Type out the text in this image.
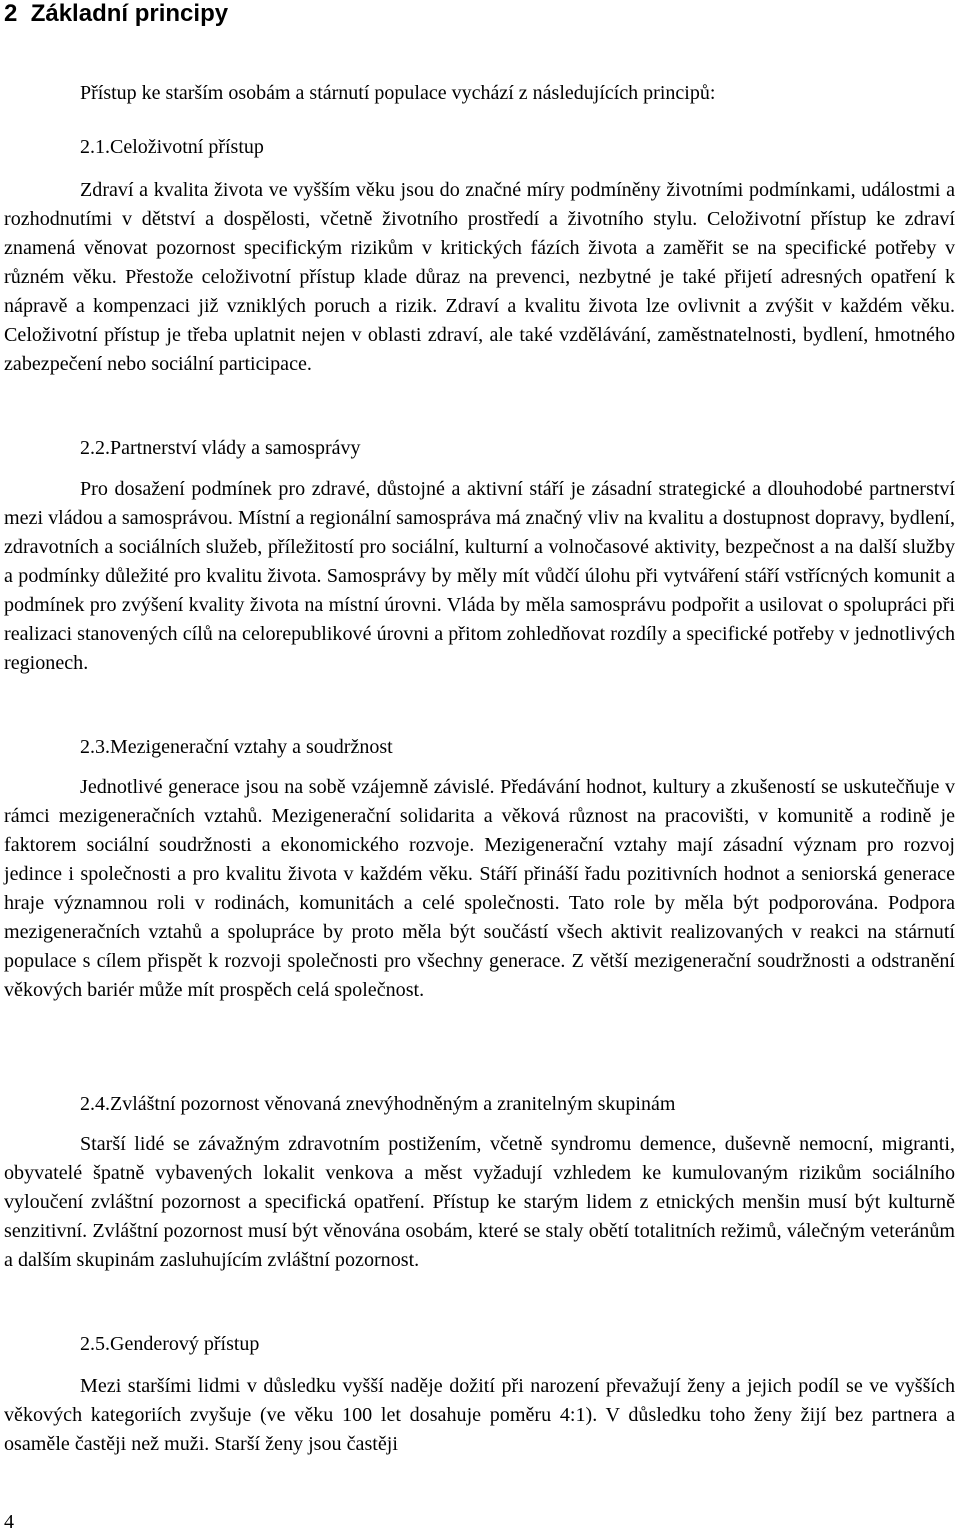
2 Základní principy

Přístup ke starším osobám a stárnutí populace vychází z následujících principů:

2.1.Celoživotní přístup

Zdraví a kvalita života ve vyšším věku jsou do značné míry podmíněny životními podmínkami, událostmi a rozhodnutími v dětství a dospělosti, včetně životního prostředí a životního stylu. Celoživotní přístup ke zdraví znamená věnovat pozornost specifickým rizikům v kritických fázích života a zaměřit se na specifické potřeby v různém věku. Přestože celoživotní přístup klade důraz na prevenci, nezbytné je také přijetí adresných opatření k nápravě a kompenzaci již vzniklých poruch a rizik. Zdraví a kvalitu života lze ovlivnit a zvýšit v každém věku. Celoživotní přístup je třeba uplatnit nejen v oblasti zdraví, ale také vzdělávání, zaměstnatelnosti, bydlení, hmotného zabezpečení nebo sociální participace.

2.2.Partnerství vlády a samosprávy

Pro dosažení podmínek pro zdravé, důstojné a aktivní stáří je zásadní strategické a dlouhodobé partnerství mezi vládou a samosprávou. Místní a regionální samospráva má značný vliv na kvalitu a dostupnost dopravy, bydlení, zdravotních a sociálních služeb, příležitostí pro sociální, kulturní a volnočasové aktivity, bezpečnost a na další služby a podmínky důležité pro kvalitu života. Samosprávy by měly mít vůdčí úlohu při vytváření stáří vstřícných komunit a podmínek pro zvýšení kvality života na místní úrovni. Vláda by měla samosprávu podpořit a usilovat o spolupráci při realizaci stanovených cílů na celorepublikové úrovni a přitom zohledňovat rozdíly a specifické potřeby v jednotlivých regionech.

2.3.Mezigenerační vztahy a soudržnost

Jednotlivé generace jsou na sobě vzájemně závislé. Předávání hodnot, kultury a zkušeností se uskutečňuje v rámci mezigeneračních vztahů. Mezigenerační solidarita a věková různost na pracovišti, v komunitě a rodině je faktorem sociální soudržnosti a ekonomického rozvoje. Mezigenerační vztahy mají zásadní význam pro rozvoj jedince i společnosti a pro kvalitu života v každém věku. Stáří přináší řadu pozitivních hodnot a seniorská generace hraje významnou roli v rodinách, komunitách a celé společnosti. Tato role by měla být podporována. Podpora mezigeneračních vztahů a spolupráce by proto měla být součástí všech aktivit realizovaných v reakci na stárnutí populace s cílem přispět k rozvoji společnosti pro všechny generace. Z větší mezigenerační soudržnosti a odstranění věkových bariér může mít prospěch celá společnost.

2.4.Zvláštní pozornost věnovaná znevýhodněným a zranitelným skupinám

Starší lidé se závažným zdravotním postižením, včetně syndromu demence, duševně nemocní, migranti, obyvatelé špatně vybavených lokalit venkova a měst vyžadují vzhledem ke kumulovaným rizikům sociálního vyloučení zvláštní pozornost a specifická opatření. Přístup ke starým lidem z etnických menšin musí být kulturně senzitivní. Zvláštní pozornost musí být věnována osobám, které se staly obětí totalitních režimů, válečným veteránům a dalším skupinám zasluhujícím zvláštní pozornost.

2.5.Genderový přístup

Mezi staršími lidmi v důsledku vyšší naděje dožití při narození převažují ženy a jejich podíl se ve vyšších věkových kategoriích zvyšuje (ve věku 100 let dosahuje poměru 4:1). V důsledku toho ženy žijí bez partnera a osaměle častěji než muži. Starší ženy jsou častěji

4
